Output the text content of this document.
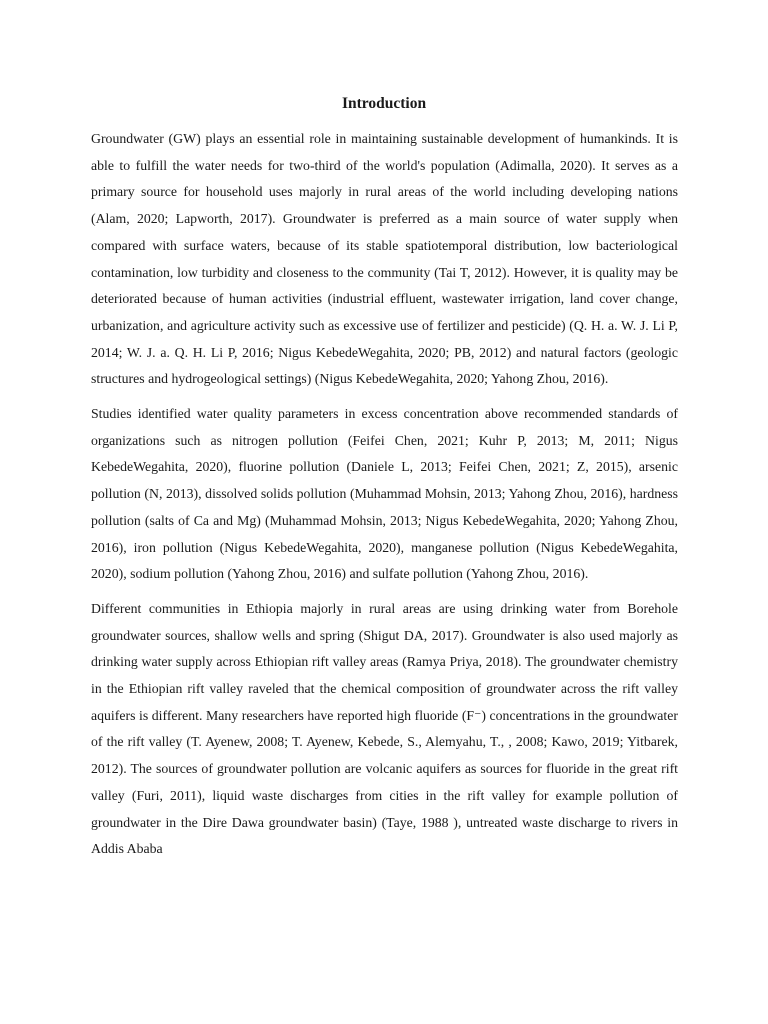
Introduction

Groundwater (GW) plays an essential role in maintaining sustainable development of humankinds. It is able to fulfill the water needs for two-third of the world's population (Adimalla, 2020). It serves as a primary source for household uses majorly in rural areas of the world including developing nations (Alam, 2020; Lapworth, 2017). Groundwater is preferred as a main source of water supply when compared with surface waters, because of its stable spatiotemporal distribution, low bacteriological contamination, low turbidity and closeness to the community (Tai T, 2012). However, it is quality may be deteriorated because of human activities (industrial effluent, wastewater irrigation, land cover change, urbanization, and agriculture activity such as excessive use of fertilizer and pesticide) (Q. H. a. W. J. Li P, 2014; W. J. a. Q. H. Li P, 2016; Nigus KebedeWegahita, 2020; PB, 2012) and natural factors (geologic structures and hydrogeological settings) (Nigus KebedeWegahita, 2020; Yahong Zhou, 2016).

Studies identified water quality parameters in excess concentration above recommended standards of organizations such as nitrogen pollution (Feifei Chen, 2021; Kuhr P, 2013; M, 2011; Nigus KebedeWegahita, 2020), fluorine pollution (Daniele L, 2013; Feifei Chen, 2021; Z, 2015), arsenic pollution (N, 2013), dissolved solids pollution (Muhammad Mohsin, 2013; Yahong Zhou, 2016), hardness pollution (salts of Ca and Mg) (Muhammad Mohsin, 2013; Nigus KebedeWegahita, 2020; Yahong Zhou, 2016), iron pollution (Nigus KebedeWegahita, 2020), manganese pollution (Nigus KebedeWegahita, 2020), sodium pollution (Yahong Zhou, 2016) and sulfate pollution (Yahong Zhou, 2016).

Different communities in Ethiopia majorly in rural areas are using drinking water from Borehole groundwater sources, shallow wells and spring (Shigut DA, 2017). Groundwater is also used majorly as drinking water supply across Ethiopian rift valley areas (Ramya Priya, 2018). The groundwater chemistry in the Ethiopian rift valley raveled that the chemical composition of groundwater across the rift valley aquifers is different. Many researchers have reported high fluoride (F⁻) concentrations in the groundwater of the rift valley (T. Ayenew, 2008; T. Ayenew, Kebede, S., Alemyahu, T., , 2008; Kawo, 2019; Yitbarek, 2012). The sources of groundwater pollution are volcanic aquifers as sources for fluoride in the great rift valley (Furi, 2011), liquid waste discharges from cities in the rift valley for example pollution of groundwater in the Dire Dawa groundwater basin) (Taye, 1988 ), untreated waste discharge to rivers in Addis Ababa
